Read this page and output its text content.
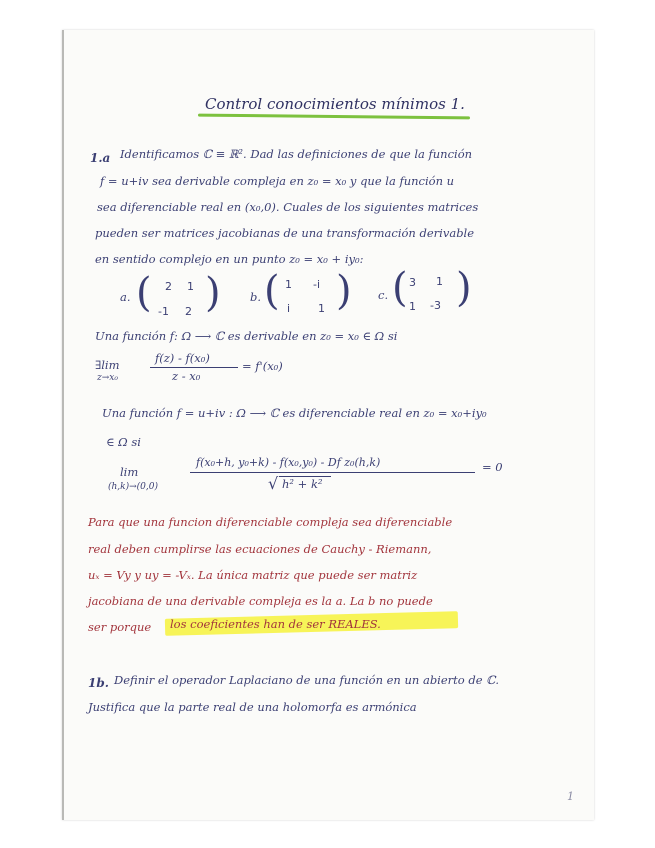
Control conocimientos mínimos 1.
1.a Identificamos ℂ ≡ ℝ². Dad las definiciones de que la función
f = u+iv sea derivable compleja en z₀ = x₀ y que la función u
sea diferenciable real en (x₀,0). Cuales de los siguientes matrices
pueden ser matrices jacobianas de una transformación derivable
en sentido complejo en un punto z₀ = x₀ + iy₀:
a. ( 2 1
-1 2 )	b. ( 1 -i
i	1 ) c. ( 3 1
1 -3 )
Una función f: Ω ⟶ ℂ es derivable en z₀ = x₀ ∈ Ω si
∃lim
z→x₀
f(z) - f(x₀)
z - x₀
= f'(x₀)
Una función f = u+iv : Ω ⟶ ℂ es diferenciable real en z₀ = x₀+iy₀
∈ Ω si
lim
(h,k)→(0,0)
f(x₀+h, y₀+k) - f(x₀,y₀) - Df z₀(h,k)
√ h² + k²
= 0
Para que una funcion diferenciable compleja sea diferenciable
real deben cumplirse las ecuaciones de Cauchy - Riemann,
uₓ = Vy y uy = -Vₓ. La única matriz que puede ser matriz
jacobiana de una derivable compleja es la a. La b no puede
ser porque los coeficientes han de ser REALES.
1b. Definir el operador Laplaciano de una función en un abierto de ℂ.
Justifica que la parte real de una holomorfa es armónica
1
